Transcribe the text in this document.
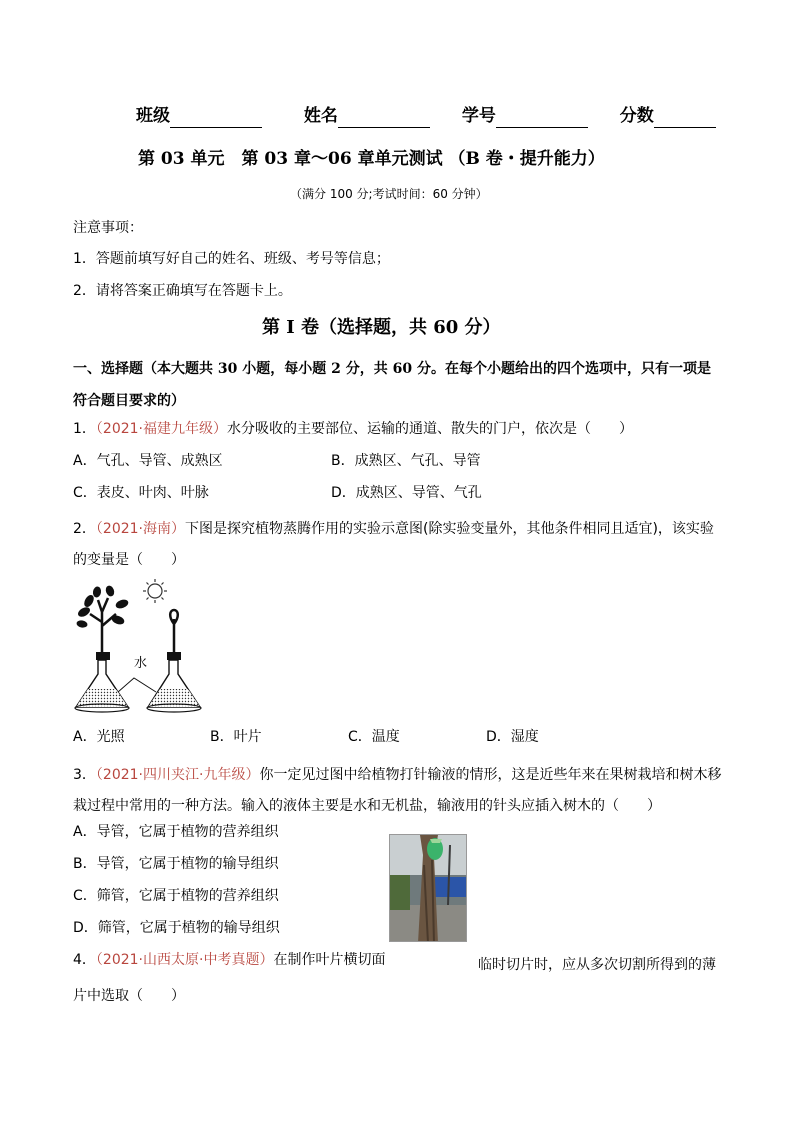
班级	姓名	学号	分数
第 03 单元　第 03 章～06 章单元测试 （B 卷・提升能力）
（满分 100 分;考试时间：60 分钟）
注意事项：
1．答题前填写好自己的姓名、班级、考号等信息；
2．请将答案正确填写在答题卡上。
第 I 卷（选择题，共 60 分）
一、选择题（本大题共 30 小题，每小题 2 分，共 60 分。在每个小题给出的四个选项中，只有一项是符合题目要求的）
1．（2021·福建九年级）水分吸收的主要部位、运输的通道、散失的门户，依次是（　　）
A．气孔、导管、成熟区	B．成熟区、气孔、导管
C．表皮、叶肉、叶脉	D．成熟区、导管、气孔
2．（2021·海南）下图是探究植物蒸腾作用的实验示意图(除实验变量外，其他条件相同且适宜)，该实验的变量是（　　）
水
A．光照	B．叶片	C．温度	D．湿度
3．（2021·四川夹江·九年级）你一定见过图中给植物打针输液的情形，这是近些年来在果树栽培和树木移栽过程中常用的一种方法。输入的液体主要是水和无机盐，输液用的针头应插入树木的（　　）
A．导管，它属于植物的营养组织
B．导管，它属于植物的输导组织
C．筛管，它属于植物的营养组织
D．筛管，它属于植物的输导组织
4．（2021·山西太原·中考真题）在制作叶片横切面	临时切片时，应从多次切割所得到的薄片中选取（　　）
